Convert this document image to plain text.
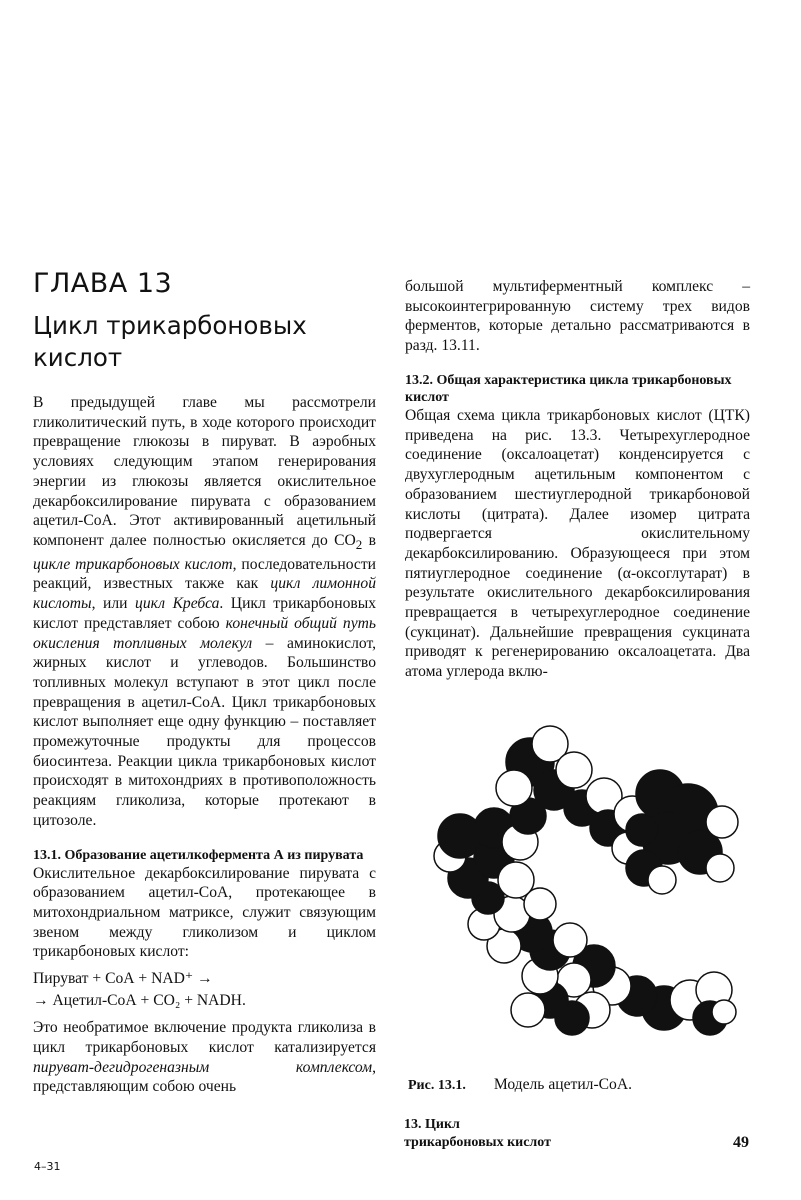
ГЛАВА 13
Цикл трикарбоновых кислот

В предыдущей главе мы рассмотрели гликолитический путь, в ходе которого происходит превращение глюкозы в пируват. В аэробных условиях следующим этапом генерирования энергии из глюкозы является окислительное декарбоксилирование пирувата с образованием ацетил-СоА. Этот активированный ацетильный компонент далее полностью окисляется до $СО_2$ в цикле трикарбоновых кислот, последовательности реакций, известных также как цикл лимонной кислоты, или цикл Кребса. Цикл трикарбоновых кислот представляет собою конечный общий путь окисления топливных молекул – аминокислот, жирных кислот и углеводов. Большинство топливных молекул вступают в этот цикл после превращения в ацетил-СоА. Цикл трикарбоновых кислот выполняет еще одну функцию – поставляет промежуточные продукты для процессов биосинтеза. Реакции цикла трикарбоновых кислот происходят в митохондриях в противоположность реакциям гликолиза, которые протекают в цитозоле.

13.1. Образование ацетилкофермента А из пирувата

Окислительное декарбоксилирование пирувата с образованием ацетил-СоА, протекающее в митохондриальном матриксе, служит связующим звеном между гликолизом и циклом трикарбоновых кислот:

Пируват + СоА + NAD⁺ →
→ Ацетил-СоА + CO₂ + NADH.

Это необратимое включение продукта гликолиза в цикл трикарбоновых кислот катализируется пируват-дегидрогеназным комплексом, представляющим собою очень

большой мультиферментный комплекс – высокоинтегрированную систему трех видов ферментов, которые детально рассматриваются в разд. 13.11.
13.2. Общая характеристика цикла трикарбоновых кислот

Общая схема цикла трикарбоновых кислот (ЦТК) приведена на рис. 13.3. Четырехуглеродное соединение (оксалоацетат) конденсируется с двухуглеродным ацетильным компонентом с образованием шестиуглеродной трикарбоновой кислоты (цитрата). Далее изомер цитрата подвергается окислительному декарбоксилированию. Образующееся при этом пятиуглеродное соединение (α-оксоглутарат) в результате окислительного декарбоксилирования превращается в четырехуглеродное соединение (сукцинат). Дальнейшие превращения сукцината приводят к регенерированию оксалоацетата. Два атома углерода вклю-

Рис. 13.1. Модель ацетил-СоА.
13. Цикл трикарбоновых кислот	49
4–31
